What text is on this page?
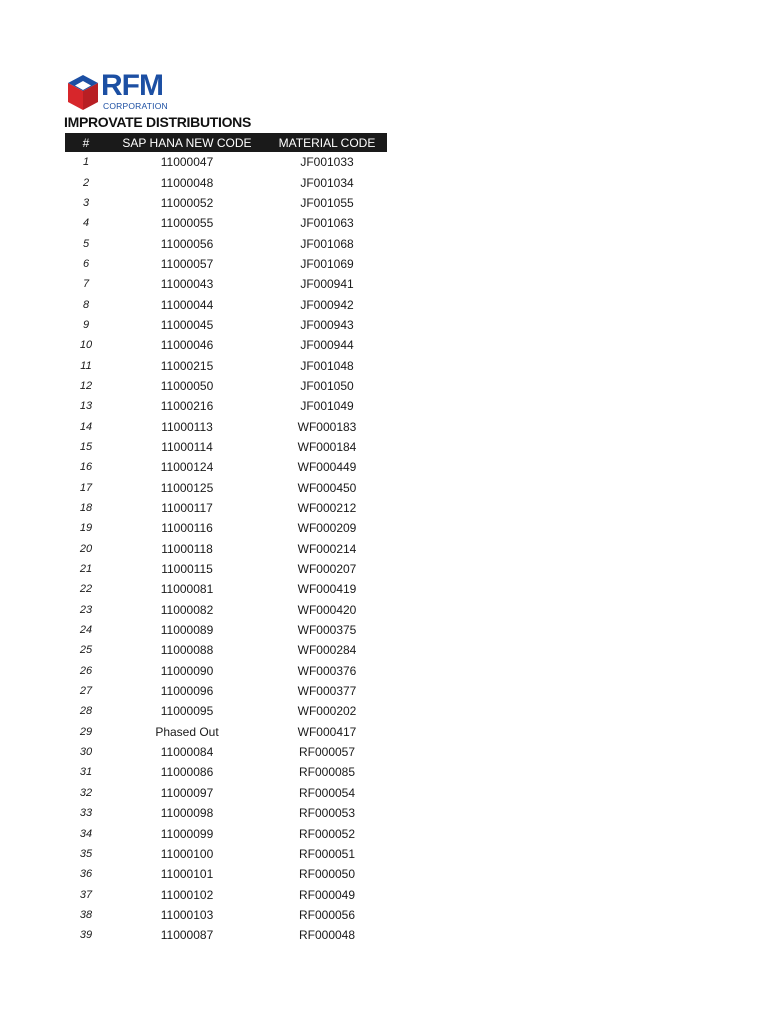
RFM
CORPORATION
IMPROVATE DISTRIBUTIONS
#	SAP HANA NEW CODE	MATERIAL CODE
1	11000047	JF001033
2	11000048	JF001034
3	11000052	JF001055
4	11000055	JF001063
5	11000056	JF001068
6	11000057	JF001069
7	11000043	JF000941
8	11000044	JF000942
9	11000045	JF000943
10	11000046	JF000944
11	11000215	JF001048
12	11000050	JF001050
13	11000216	JF001049
14	11000113	WF000183
15	11000114	WF000184
16	11000124	WF000449
17	11000125	WF000450
18	11000117	WF000212
19	11000116	WF000209
20	11000118	WF000214
21	11000115	WF000207
22	11000081	WF000419
23	11000082	WF000420
24	11000089	WF000375
25	11000088	WF000284
26	11000090	WF000376
27	11000096	WF000377
28	11000095	WF000202
29	Phased Out	WF000417
30	11000084	RF000057
31	11000086	RF000085
32	11000097	RF000054
33	11000098	RF000053
34	11000099	RF000052
35	11000100	RF000051
36	11000101	RF000050
37	11000102	RF000049
38	11000103	RF000056
39	11000087	RF000048
